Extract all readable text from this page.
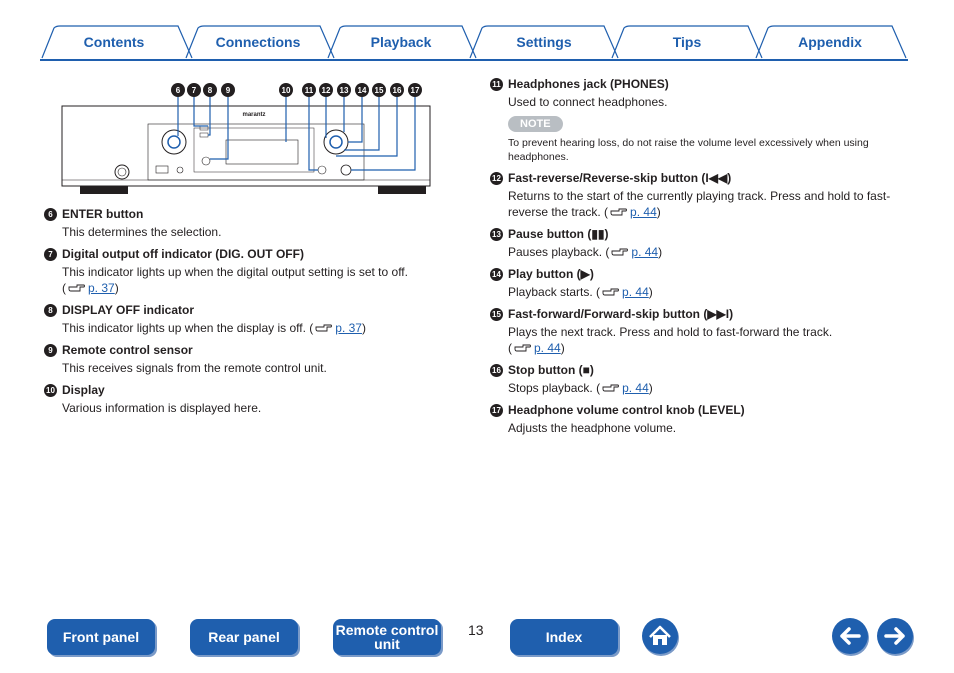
Contents	Connections	Playback	Settings	Tips	Appendix
6 7 8 9	10 11 12 13 14 15 16 17
marantz
6 ENTER button
This determines the selection.
7 Digital output off indicator (DIG. OUT OFF)
This indicator lights up when the digital output setting is set to off.
( p. 37 )
8 DISPLAY OFF indicator
This indicator lights up when the display is off. ( p. 37 )
9 Remote control sensor
This receives signals from the remote control unit.
10 Display
Various information is displayed here.
11 Headphones jack (PHONES)
Used to connect headphones.
NOTE
To prevent hearing loss, do not raise the volume level excessively when using headphones.
12 Fast-reverse/Reverse-skip button (I◀◀)
Returns to the start of the currently playing track. Press and hold to fast-reverse the track. ( p. 44 )
13 Pause button (▮▮)
Pauses playback. ( p. 44 )
14 Play button (▶)
Playback starts. ( p. 44 )
15 Fast-forward/Forward-skip button (▶▶I)
Plays the next track. Press and hold to fast-forward the track.
( p. 44 )
16 Stop button (■)
Stops playback. ( p. 44 )
17 Headphone volume control knob (LEVEL)
Adjusts the headphone volume.
Front panel	Rear panel	Remote control unit
13	Index
